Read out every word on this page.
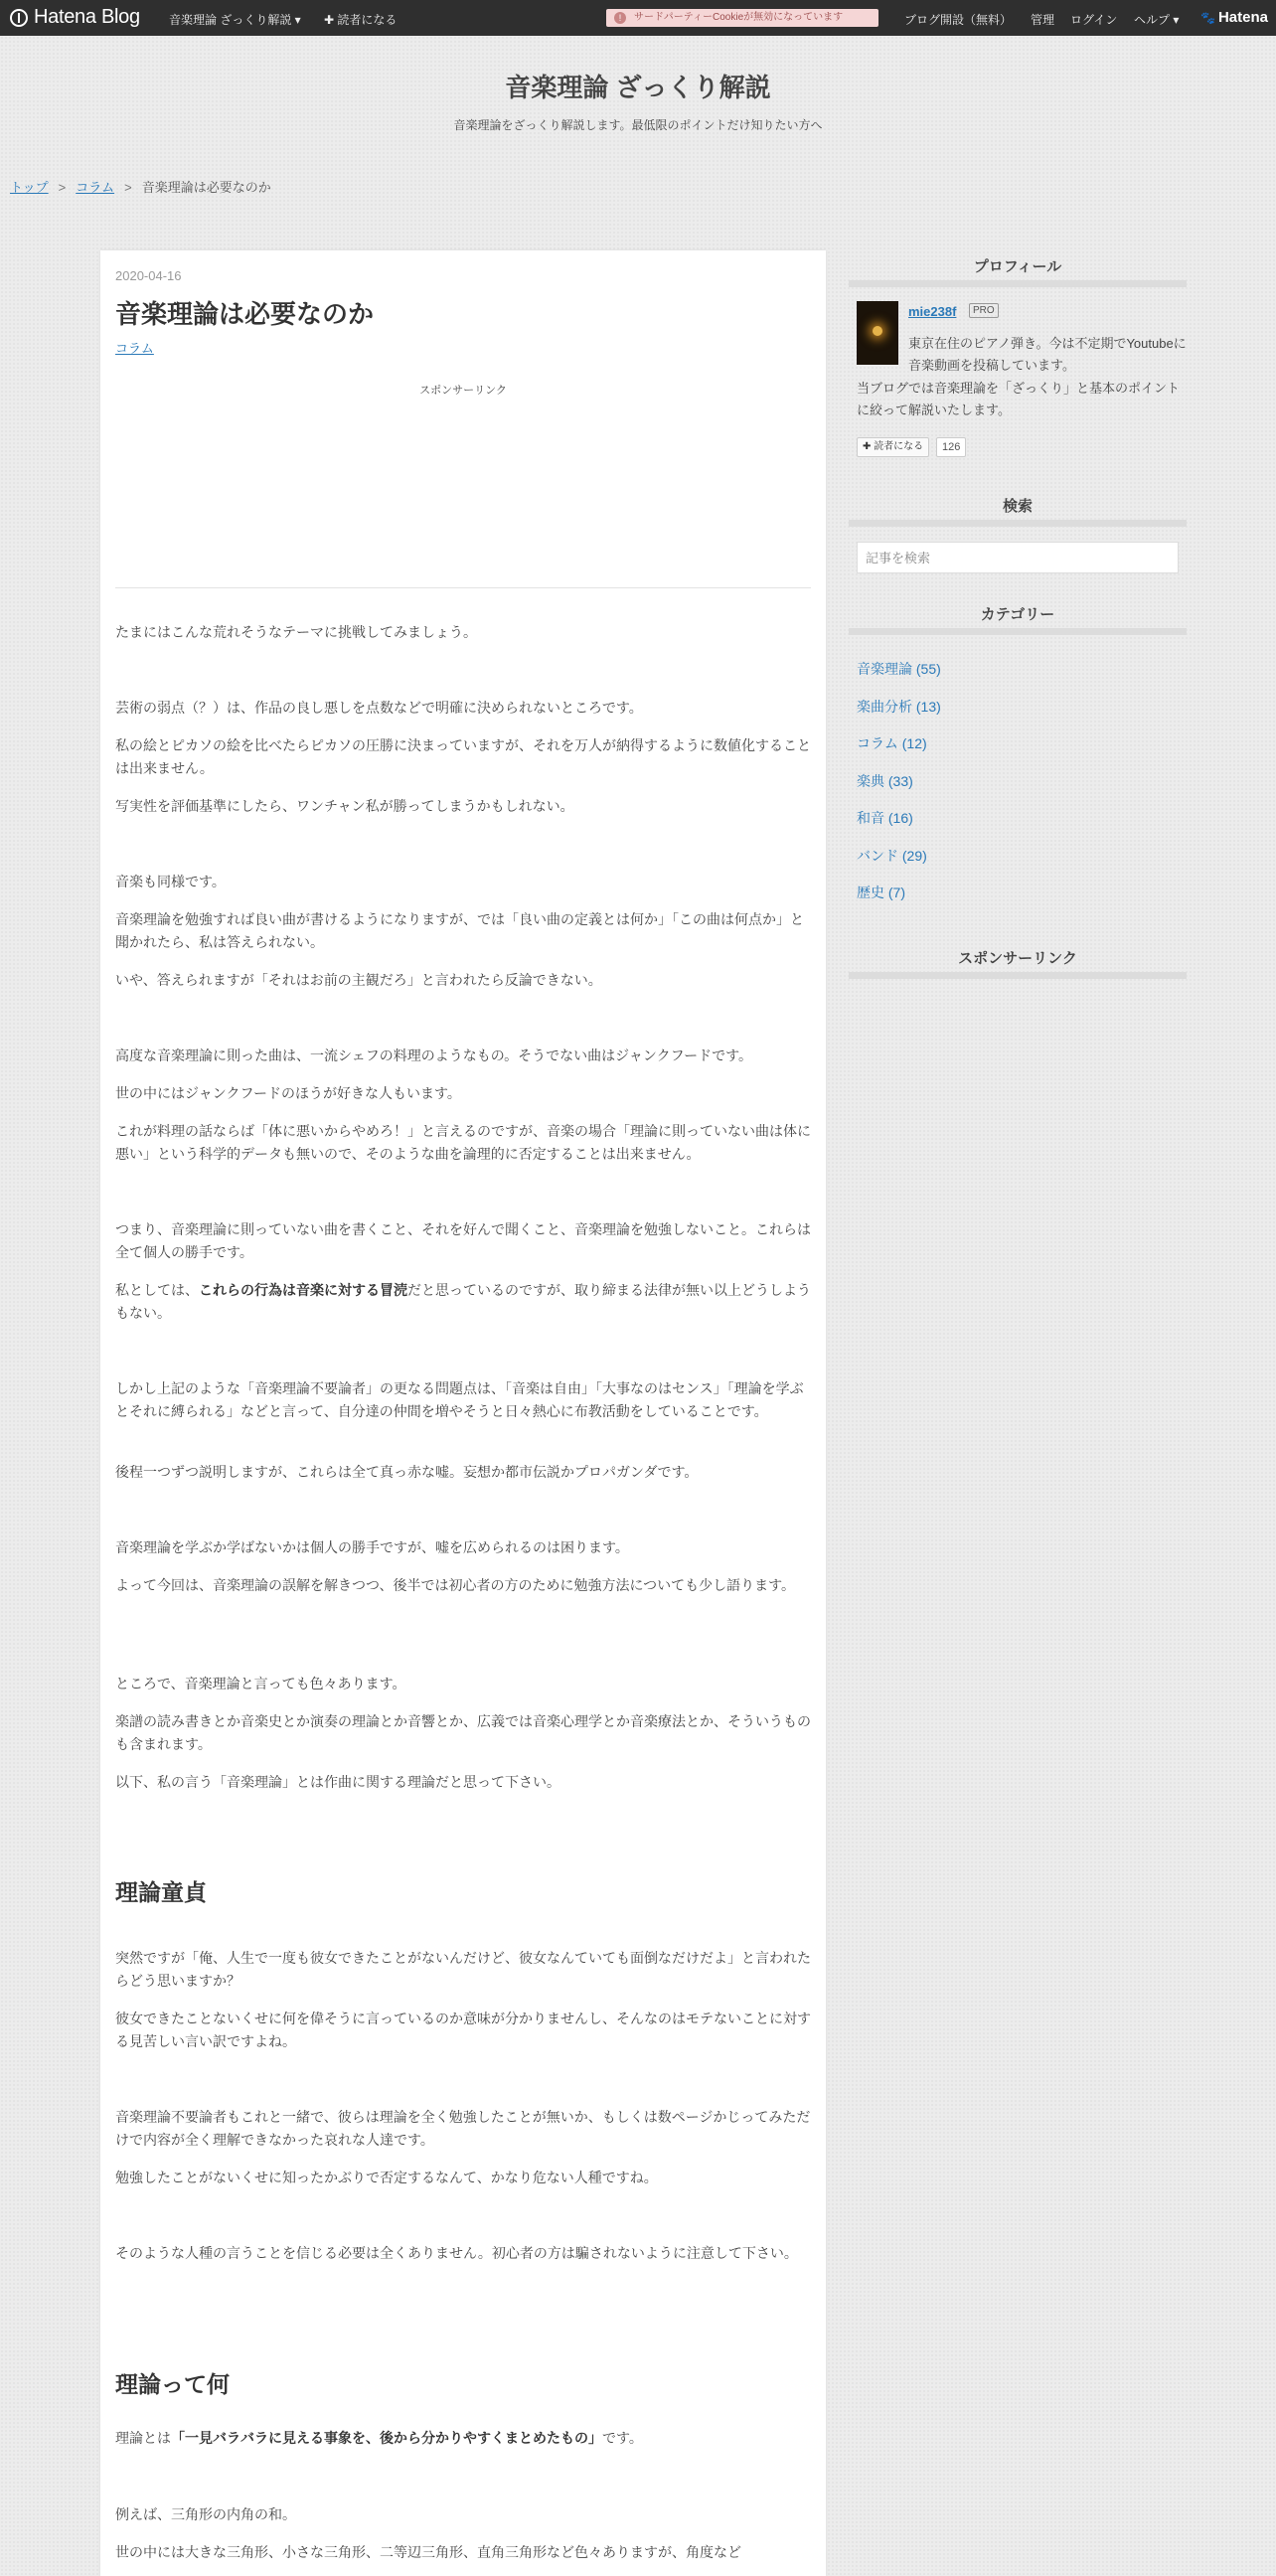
Hatena Blog 音楽理論 ざっくり解説 ▾ ✚ 読者になる	!	サードパーティーCookieが無効になっています	ブログ開設（無料） 管理 ログイン ヘルプ ▾ 🐾 Hatena
音楽理論 ざっくり解説
音楽理論をざっくり解説します。最低限のポイントだけ知りたい方へ
トップ > コラム > 音楽理論は必要なのか
2020-04-16
音楽理論は必要なのか
コラム
スポンサーリンク

たまにはこんな荒れそうなテーマに挑戦してみましょう。

芸術の弱点（？）は、作品の良し悪しを点数などで明確に決められないところです。

私の絵とピカソの絵を比べたらピカソの圧勝に決まっていますが、それを万人が納得するように数値化することは出来ません。

写実性を評価基準にしたら、ワンチャン私が勝ってしまうかもしれない。

音楽も同様です。

音楽理論を勉強すれば良い曲が書けるようになりますが、では「良い曲の定義とは何か」「この曲は何点か」と聞かれたら、私は答えられない。

いや、答えられますが「それはお前の主観だろ」と言われたら反論できない。

高度な音楽理論に則った曲は、一流シェフの料理のようなもの。そうでない曲はジャンクフードです。

世の中にはジャンクフードのほうが好きな人もいます。

これが料理の話ならば「体に悪いからやめろ！」と言えるのですが、音楽の場合「理論に則っていない曲は体に悪い」という科学的データも無いので、そのような曲を論理的に否定することは出来ません。

つまり、音楽理論に則っていない曲を書くこと、それを好んで聞くこと、音楽理論を勉強しないこと。これらは全て個人の勝手です。

私としては、これらの行為は音楽に対する冒涜だと思っているのですが、取り締まる法律が無い以上どうしようもない。

しかし上記のような「音楽理論不要論者」の更なる問題点は、「音楽は自由」「大事なのはセンス」「理論を学ぶとそれに縛られる」などと言って、自分達の仲間を増やそうと日々熱心に布教活動をしていることです。

後程一つずつ説明しますが、これらは全て真っ赤な嘘。妄想か都市伝説かプロパガンダです。

音楽理論を学ぶか学ばないかは個人の勝手ですが、嘘を広められるのは困ります。

よって今回は、音楽理論の誤解を解きつつ、後半では初心者の方のために勉強方法についても少し語ります。

ところで、音楽理論と言っても色々あります。

楽譜の読み書きとか音楽史とか演奏の理論とか音響とか、広義では音楽心理学とか音楽療法とか、そういうものも含まれます。

以下、私の言う「音楽理論」とは作曲に関する理論だと思って下さい。

理論童貞

突然ですが「俺、人生で一度も彼女できたことがないんだけど、彼女なんていても面倒なだけだよ」と言われたらどう思いますか？

彼女できたことないくせに何を偉そうに言っているのか意味が分かりませんし、そんなのはモテないことに対する見苦しい言い訳ですよね。

音楽理論不要論者もこれと一緒で、彼らは理論を全く勉強したことが無いか、もしくは数ページかじってみただけで内容が全く理解できなかった哀れな人達です。

勉強したことがないくせに知ったかぶりで否定するなんて、かなり危ない人種ですね。

そのような人種の言うことを信じる必要は全くありません。初心者の方は騙されないように注意して下さい。

理論って何

理論とは「一見バラバラに見える事象を、後から分かりやすくまとめたもの」です。

例えば、三角形の内角の和。

世の中には大きな三角形、小さな三角形、二等辺三角形、直角三角形など色々ありますが、角度など

プロフィール
mie238f	PRO
東京在住のピアノ弾き。今は不定期でYoutubeに音楽動画を投稿しています。
当ブログでは音楽理論を「ざっくり」と基本のポイントに絞って解説いたします。
✚ 読者になる	126
検索
記事を検索
カテゴリー
音楽理論 (55)
楽曲分析 (13)
コラム (12)
楽典 (33)
和音 (16)
バンド (29)
歴史 (7)
スポンサーリンク
